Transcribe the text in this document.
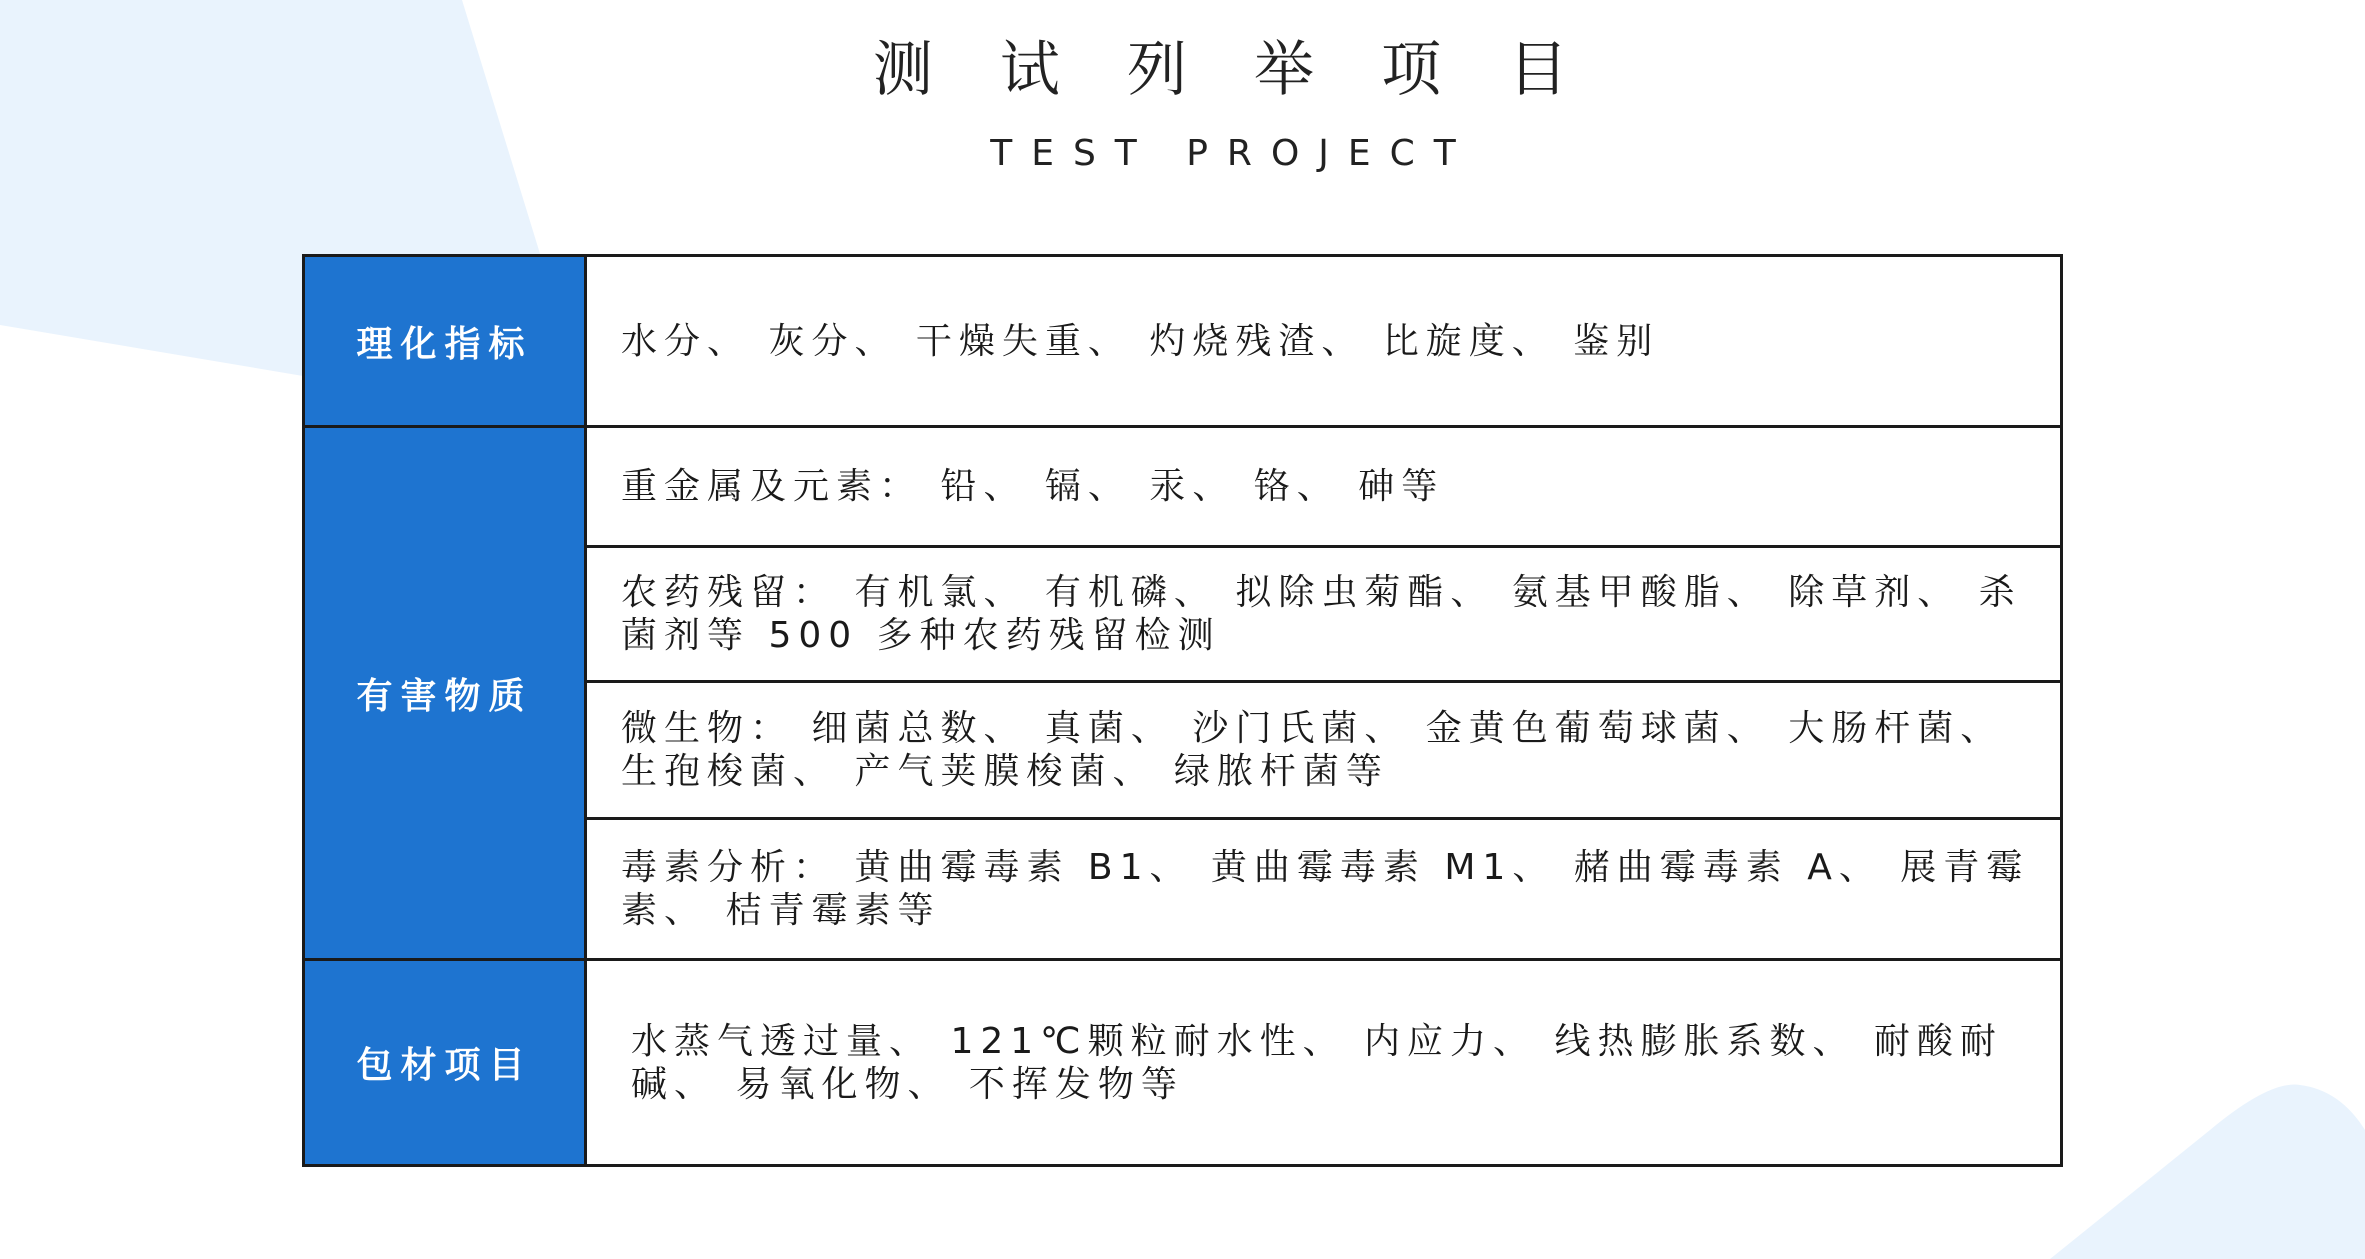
测 试 列 举 项 目
TEST PROJECT
理化指标	水分、 灰分、 干燥失重、 灼烧残渣、 比旋度、 鉴别
有害物质	重金属及元素： 铅、 镉、 汞、 铬、 砷等
	农药残留： 有机氯、 有机磷、 拟除虫菊酯、 氨基甲酸脂、 除草剂、 杀菌剂等 500 多种农药残留检测
	微生物： 细菌总数、 真菌、 沙门氏菌、 金黄色葡萄球菌、 大肠杆菌、 生孢梭菌、 产气荚膜梭菌、 绿脓杆菌等
	毒素分析： 黄曲霉毒素 B1、 黄曲霉毒素 M1、 赭曲霉毒素 A、 展青霉素、 桔青霉素等
包材项目	水蒸气透过量、 121℃颗粒耐水性、 内应力、 线热膨胀系数、 耐酸耐碱、 易氧化物、 不挥发物等
